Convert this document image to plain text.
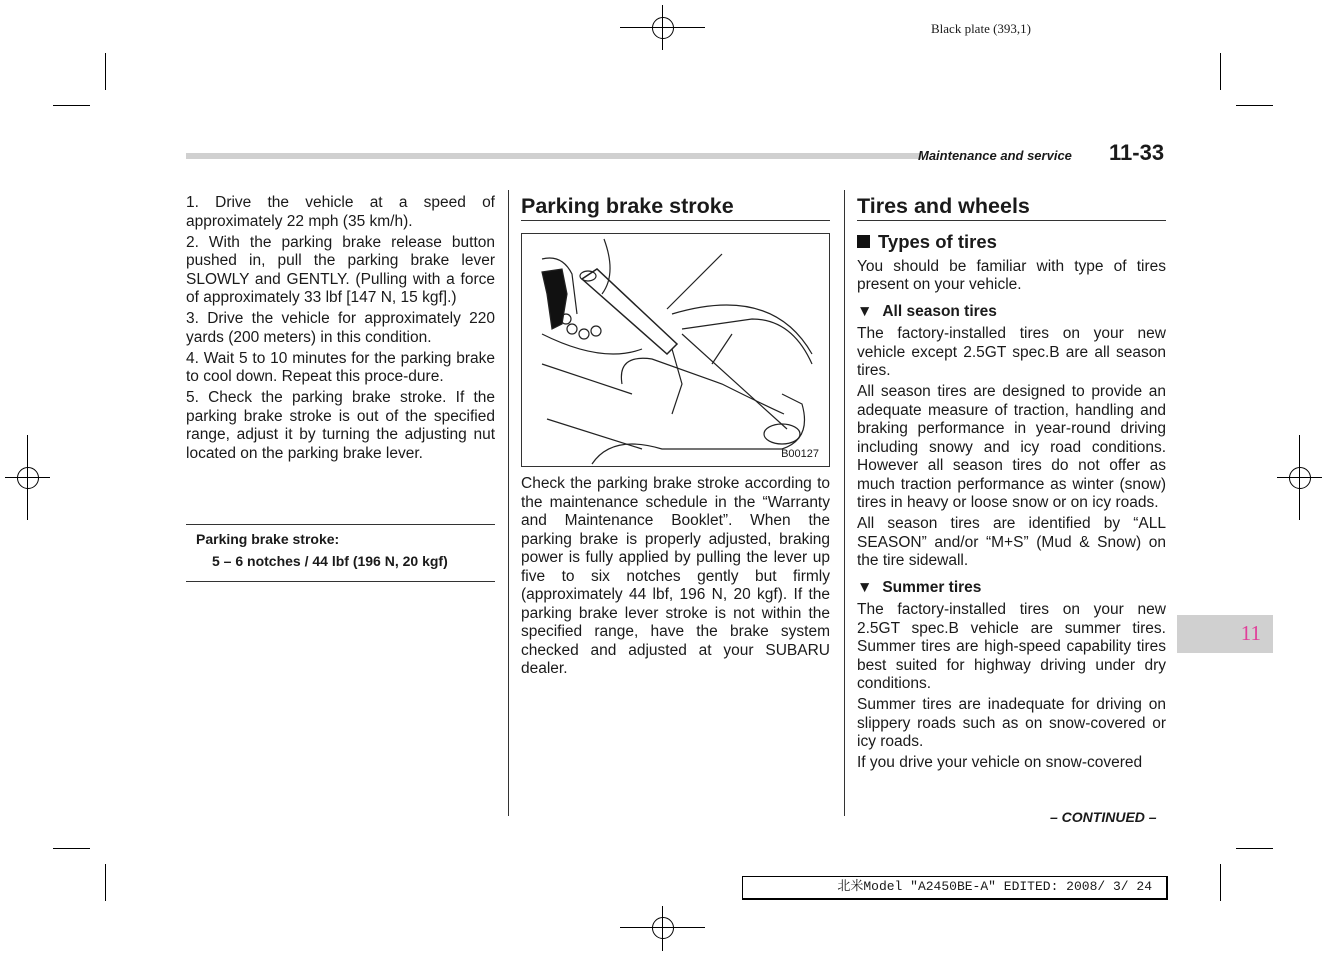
Black plate (393,1)
Maintenance and service 11-33

1. Drive the vehicle at a speed of approximately 22 mph (35 km/h).

2. With the parking brake release button pushed in, pull the parking brake lever SLOWLY and GENTLY. (Pulling with a force of approximately 33 lbf [147 N, 15 kgf].)

3. Drive the vehicle for approximately 220 yards (200 meters) in this condition.

4. Wait 5 to 10 minutes for the parking brake to cool down. Repeat this proce-dure.

5. Check the parking brake stroke. If the parking brake stroke is out of the specified range, adjust it by turning the adjusting nut located on the parking brake lever.

Parking brake stroke:
5 – 6 notches / 44 lbf (196 N, 20 kgf)
Parking brake stroke
B00127

Check the parking brake stroke according to the maintenance schedule in the “Warranty and Maintenance Booklet”. When the parking brake is properly adjusted, braking power is fully applied by pulling the lever up five to six notches gently but firmly (approximately 44 lbf, 196 N, 20 kgf). If the parking brake lever stroke is not within the specified range, have the brake system checked and adjusted at your SUBARU dealer.

Tires and wheels
Types of tires

You should be familiar with type of tires present on your vehicle.

▼ All season tires

The factory-installed tires on your new vehicle except 2.5GT spec.B are all season tires.

All season tires are designed to provide an adequate measure of traction, handling and braking performance in year-round driving including snowy and icy road conditions. However all season tires do not offer as much traction performance as winter (snow) tires in heavy or loose snow or on icy roads.

All season tires are identified by “ALL SEASON” and/or “M+S” (Mud & Snow) on the tire sidewall.

▼ Summer tires

The factory-installed tires on your new 2.5GT spec.B vehicle are summer tires. Summer tires are high-speed capability tires best suited for highway driving under dry conditions.

Summer tires are inadequate for driving on slippery roads such as on snow-covered or icy roads.

If you drive your vehicle on snow-covered

– CONTINUED –
11
北米Model "A2450BE-A" EDITED: 2008/ 3/ 24
